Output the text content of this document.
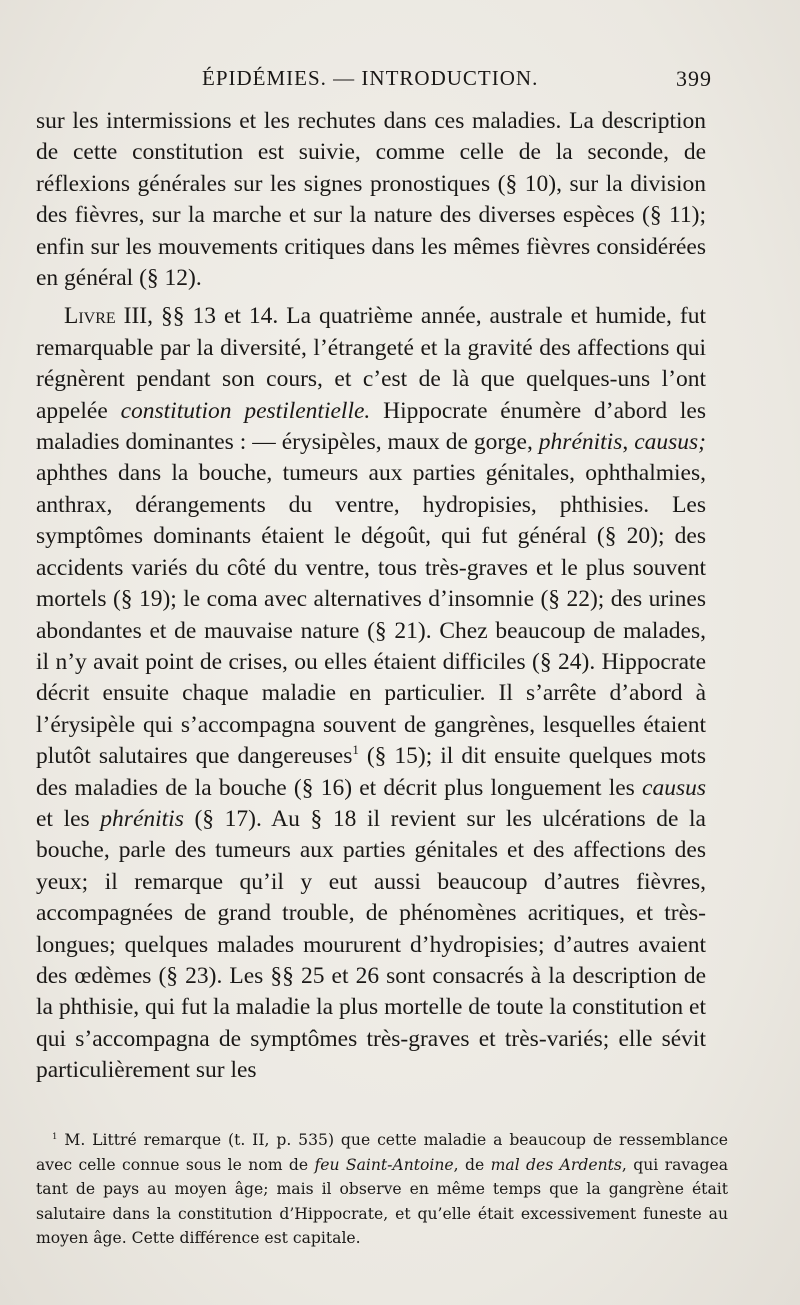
ÉPIDÉMIES. — INTRODUCTION.	399

sur les intermissions et les rechutes dans ces maladies. La description de cette constitution est suivie, comme celle de la seconde, de réflexions générales sur les signes pronostiques (§ 10), sur la division des fièvres, sur la marche et sur la nature des diverses espèces (§ 11); enfin sur les mouvements critiques dans les mêmes fièvres considérées en général (§ 12).

Livre III, §§ 13 et 14. La quatrième année, australe et humide, fut remarquable par la diversité, l’étrangeté et la gravité des affections qui régnèrent pendant son cours, et c’est de là que quelques-uns l’ont appelée constitution pestilentielle. Hippocrate énumère d’abord les maladies dominantes : — érysipèles, maux de gorge, phrénitis, causus; aphthes dans la bouche, tumeurs aux parties génitales, ophthalmies, anthrax, dérangements du ventre, hydropisies, phthisies. Les symptômes dominants étaient le dégoût, qui fut général (§ 20); des accidents variés du côté du ventre, tous très-graves et le plus souvent mortels (§ 19); le coma avec alternatives d’insomnie (§ 22); des urines abondantes et de mauvaise nature (§ 21). Chez beaucoup de malades, il n’y avait point de crises, ou elles étaient difficiles (§ 24). Hippocrate décrit ensuite chaque maladie en particulier. Il s’arrête d’abord à l’érysipèle qui s’accompagna souvent de gangrènes, lesquelles étaient plutôt salutaires que dangereuses$^1$ (§ 15); il dit ensuite quelques mots des maladies de la bouche (§ 16) et décrit plus longuement les causus et les phrénitis (§ 17). Au § 18 il revient sur les ulcérations de la bouche, parle des tumeurs aux parties génitales et des affections des yeux; il remarque qu’il y eut aussi beaucoup d’autres fièvres, accompagnées de grand trouble, de phénomènes acritiques, et très-longues; quelques malades moururent d’hydropisies; d’autres avaient des œdèmes (§ 23). Les §§ 25 et 26 sont consacrés à la description de la phthisie, qui fut la maladie la plus mortelle de toute la constitution et qui s’accompagna de symptômes très-graves et très-variés; elle sévit particulièrement sur les

$^1$ M. Littré remarque (t. II, p. 535) que cette maladie a beaucoup de ressemblance avec celle connue sous le nom de feu Saint-Antoine, de mal des Ardents, qui ravagea tant de pays au moyen âge; mais il observe en même temps que la gangrène était salutaire dans la constitution d’Hippocrate, et qu’elle était excessivement funeste au moyen âge. Cette différence est capitale.
